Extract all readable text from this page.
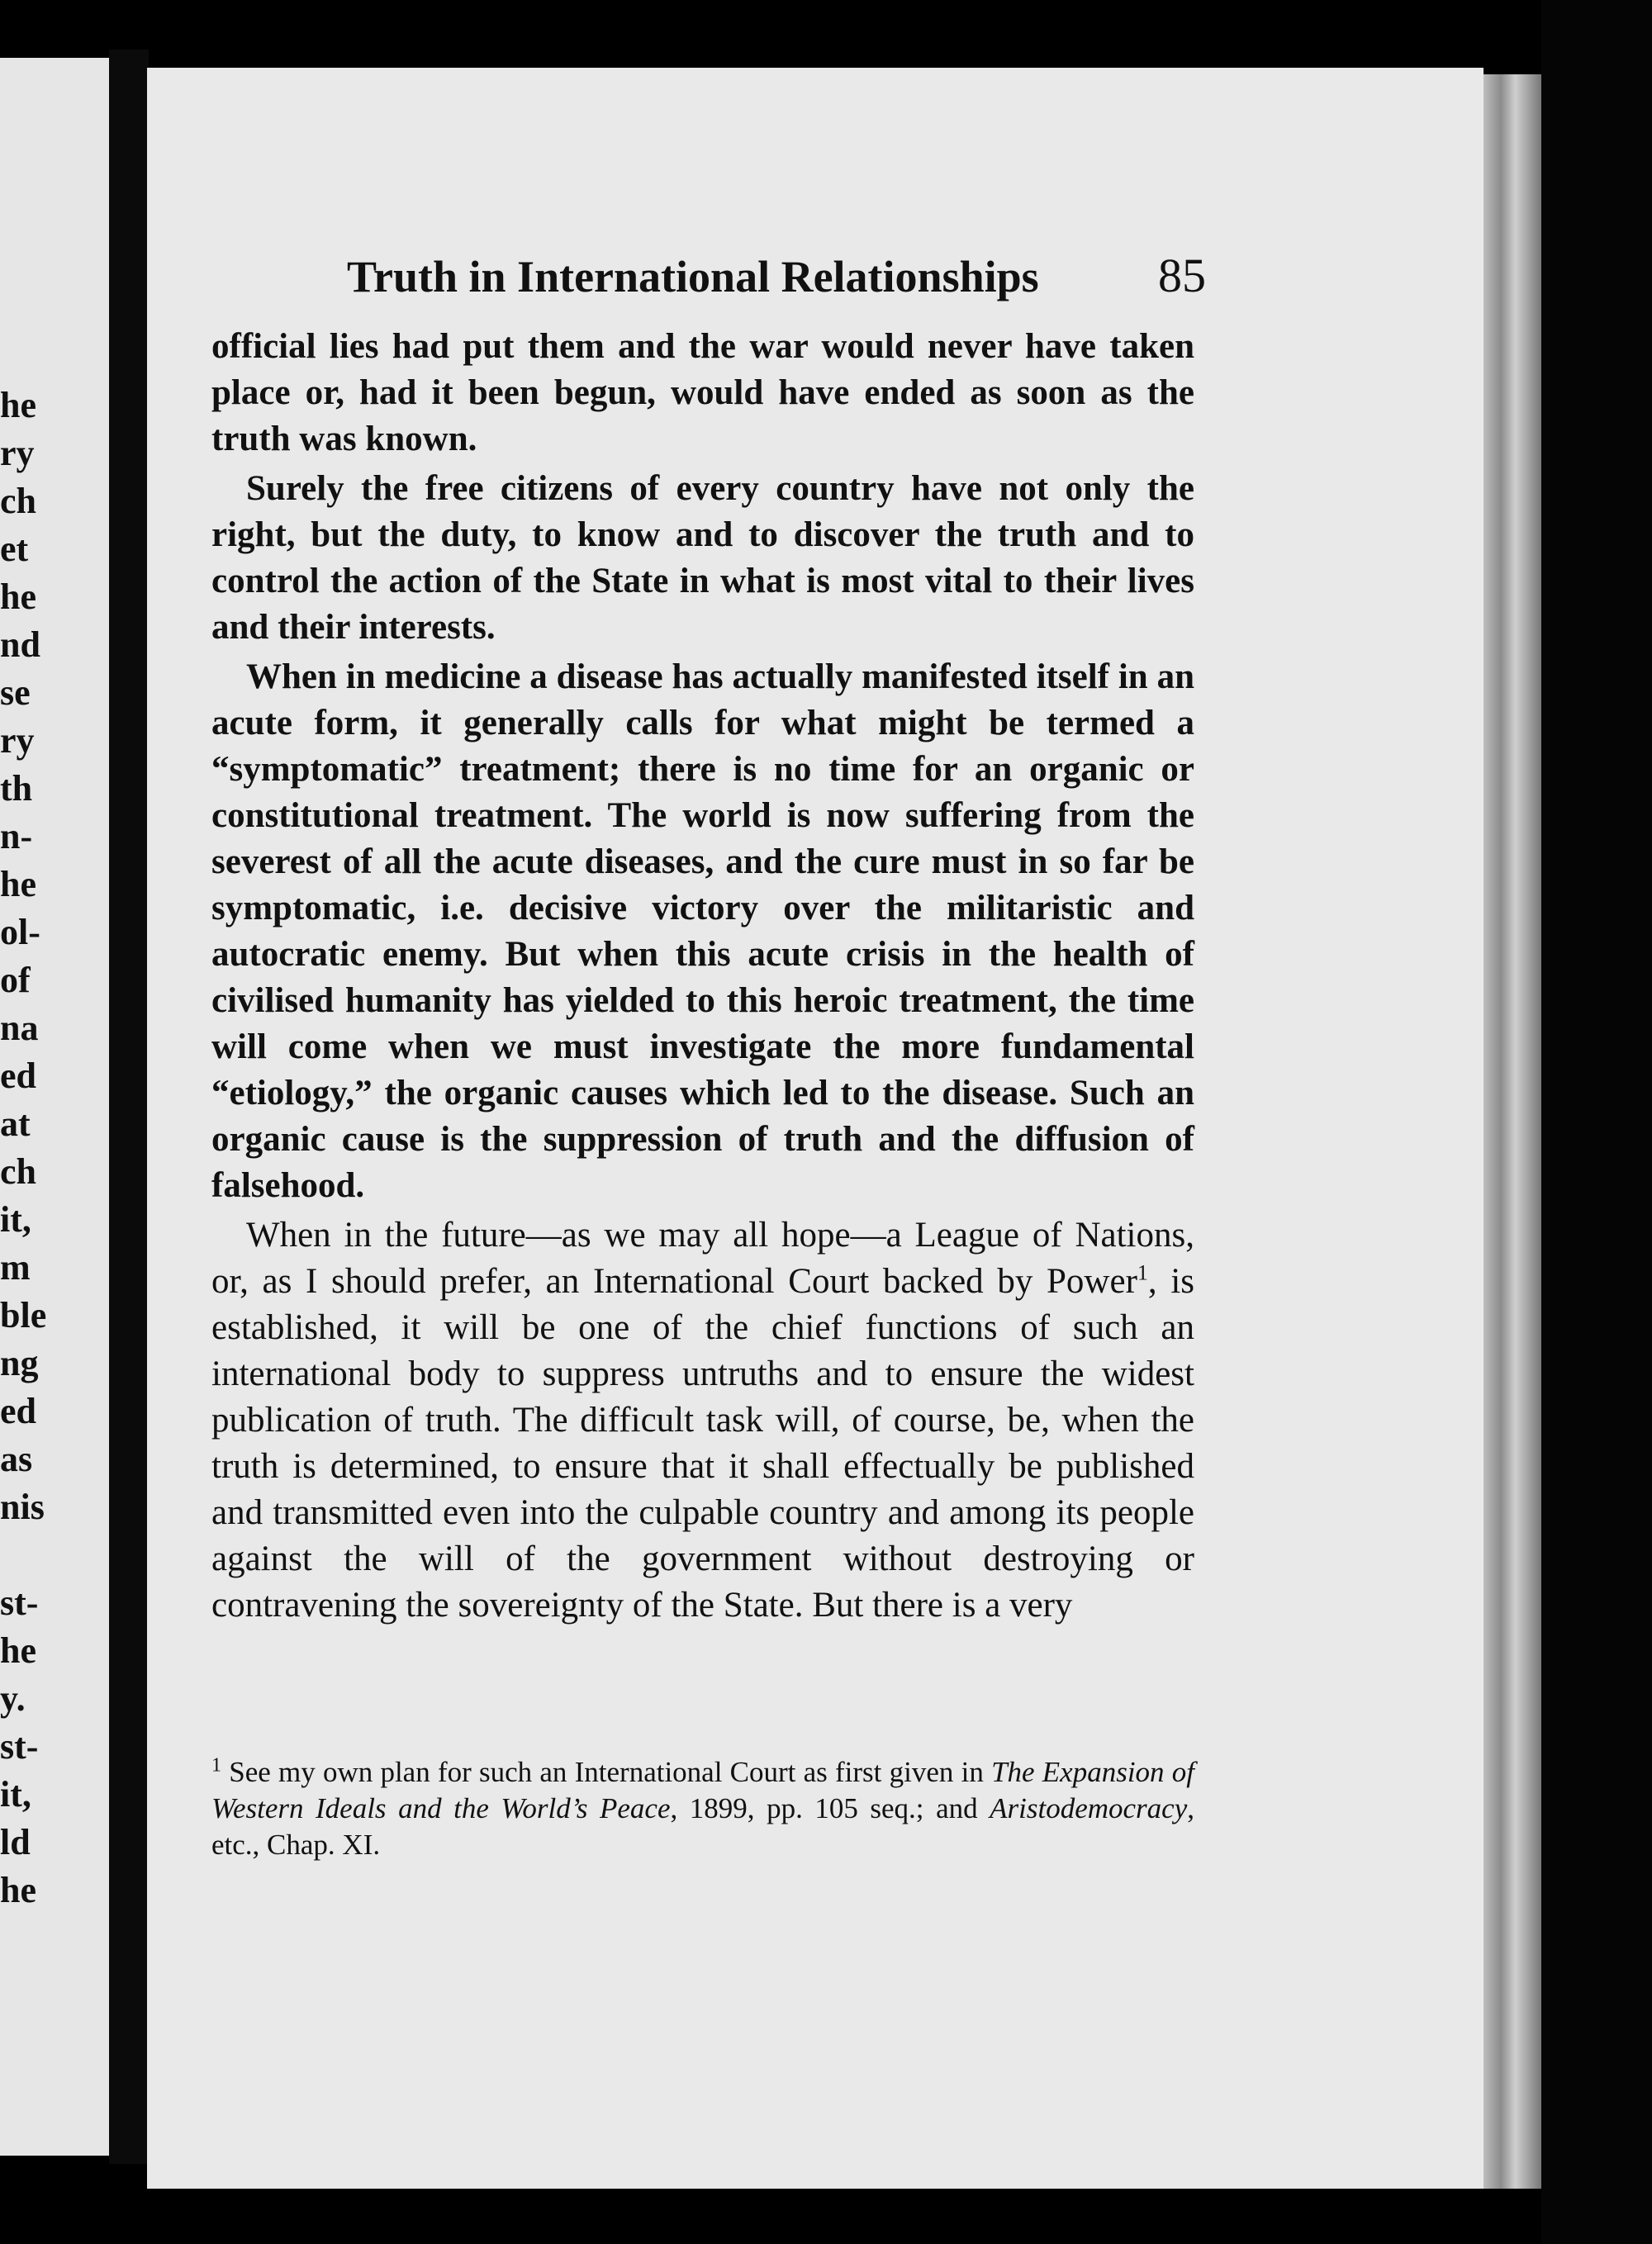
he
ry
ch
et
he
nd
se
ry
th
n-
he
ol-
of
na
ed
at
ch
it,
m
ble
ng
ed
as
nis
st-
he
y.
st-
it,
ld
he
Truth in International Relationships 85

official lies had put them and the war would never have taken place or, had it been begun, would have ended as soon as the truth was known.

Surely the free citizens of every country have not only the right, but the duty, to know and to discover the truth and to control the action of the State in what is most vital to their lives and their interests.

When in medicine a disease has actually manifested itself in an acute form, it generally calls for what might be termed a “symptomatic” treatment; there is no time for an organic or constitutional treatment. The world is now suffering from the severest of all the acute diseases, and the cure must in so far be symptomatic, i.e. decisive victory over the militaristic and autocratic enemy. But when this acute crisis in the health of civilised humanity has yielded to this heroic treatment, the time will come when we must investigate the more fundamental “etiology,” the organic causes which led to the disease. Such an organic cause is the suppression of truth and the diffusion of falsehood.

When in the future—as we may all hope—a League of Nations, or, as I should prefer, an International Court backed by Power$^1$, is established, it will be one of the chief functions of such an international body to suppress untruths and to ensure the widest publication of truth. The difficult task will, of course, be, when the truth is determined, to ensure that it shall effectually be published and transmitted even into the culpable country and among its people against the will of the government without destroying or contravening the sovereignty of the State. But there is a very

$^1$ See my own plan for such an International Court as first given in The Expansion of Western Ideals and the World’s Peace, 1899, pp. 105 seq.; and Aristodemocracy, etc., Chap. XI.
